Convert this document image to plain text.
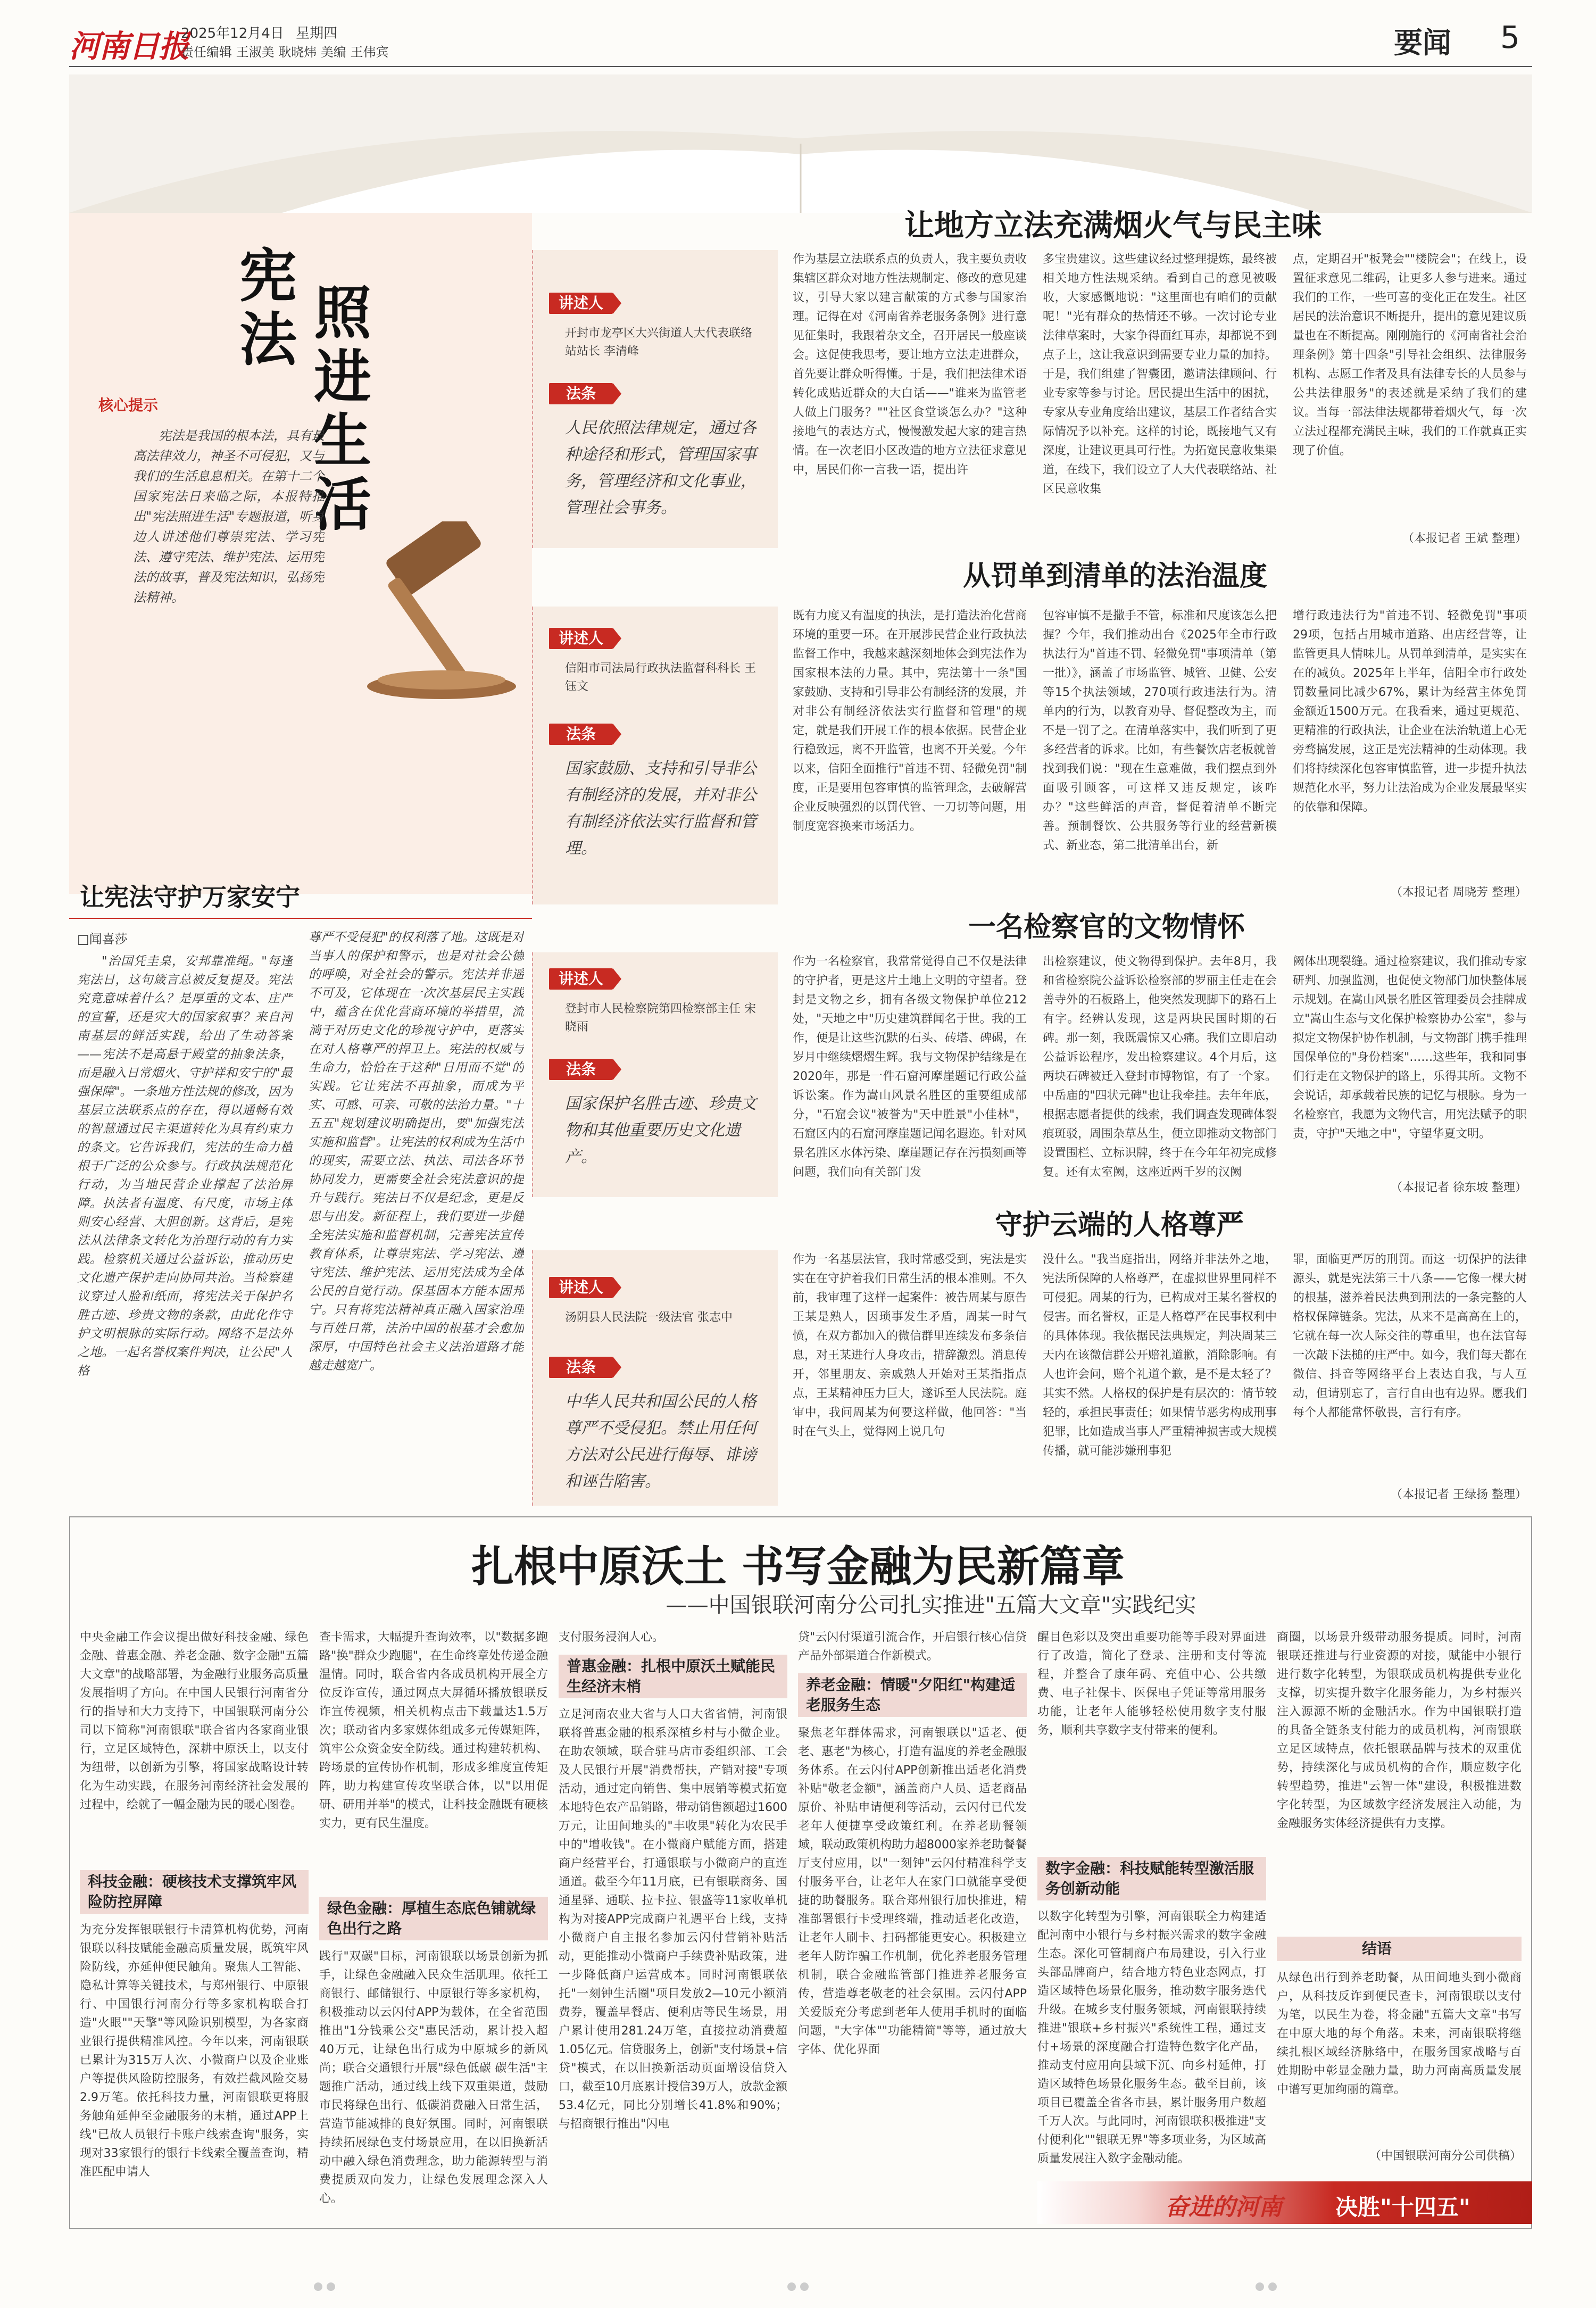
河南日报
2025年12月4日 星期四
责任编辑 王淑美 耿晓炜 美编 王伟宾	要闻 5
宪法 照进生活
核心提示
宪法是我国的根本法，具有最高法律效力，神圣不可侵犯，又与我们的生活息息相关。在第十二个国家宪法日来临之际，本报特推出"宪法照进生活"专题报道，听身边人讲述他们尊崇宪法、学习宪法、遵守宪法、维护宪法、运用宪法的故事，普及宪法知识，弘扬宪法精神。
让宪法守护万家安宁
□闻喜莎
"治国凭圭臬，安邦靠准绳。"每逢宪法日，这句箴言总被反复提及。宪法究竟意味着什么？是厚重的文本、庄严的宣誓，还是灾大的国家叙事？来自河南基层的鲜活实践，给出了生动答案——宪法不是高悬于殿堂的抽象法条，而是融入日常烟火、守护祥和安宁的"最强保障"。一条地方性法规的修改，因为基层立法联系点的存在，得以通畅有效的智慧通过民主渠道转化为具有约束力的条文。它告诉我们，宪法的生命力植根于广泛的公众参与。行政执法规范化行动，为当地民营企业撑起了法治屏障。执法者有温度、有尺度，市场主体则安心经营、大胆创新。这背后，是宪法从法律条文转化为治理行动的有力实践。检察机关通过公益诉讼，推动历史文化遗产保护走向协同共治。当检察建议穿过人脸和纸面，将宪法关于保护名胜古迹、珍贵文物的条款，由此化作守护文明根脉的实际行动。网络不是法外之地。一起名誉权案件判决，让公民"人格
尊严不受侵犯"的权利落了地。这既是对当事人的保护和警示，也是对社会公德的呼唤，对全社会的警示。宪法并非遥不可及，它体现在一次次基层民主实践中，蕴含在优化营商环境的举措里，流淌于对历史文化的珍视守护中，更落实在对人格尊严的捍卫上。宪法的权威与生命力，恰恰在于这种"日用而不觉"的实践。它让宪法不再抽象，而成为平实、可感、可亲、可敬的法治力量。"十五五"规划建议明确提出，要"加强宪法实施和监督"。让宪法的权利成为生活中的现实，需要立法、执法、司法各环节协同发力，更需要全社会宪法意识的提升与践行。宪法日不仅是纪念，更是反思与出发。新征程上，我们要进一步健全宪法实施和监督机制，完善宪法宣传教育体系，让尊崇宪法、学习宪法、遵守宪法、维护宪法、运用宪法成为全体公民的自觉行动。保基固本方能本固邦宁。只有将宪法精神真正融入国家治理与百姓日常，法治中国的根基才会愈加深厚，中国特色社会主义法治道路才能越走越宽广。
让地方立法充满烟火气与民主味
讲述人
开封市龙亭区大兴街道人大代表联络站站长 李清峰
法条
人民依照法律规定，通过各种途径和形式，管理国家事务，管理经济和文化事业，管理社会事务。
作为基层立法联系点的负责人，我主要负责收集辖区群众对地方性法规制定、修改的意见建议，引导大家以建言献策的方式参与国家治理。记得在对《河南省养老服务条例》进行意见征集时，我跟着杂文全，召开居民一般座谈会。这促使我思考，要让地方立法走进群众，首先要让群众听得懂。于是，我们把法律术语转化成贴近群众的大白话——"谁来为监管老人做上门服务？""社区食堂谈怎么办？"这种接地气的表达方式，慢慢激发起大家的建言热情。在一次老旧小区改造的地方立法征求意见中，居民们你一言我一语，提出许
多宝贵建议。这些建议经过整理提炼，最终被相关地方性法规采纳。看到自己的意见被吸收，大家感慨地说："这里面也有咱们的贡献呢！"光有群众的热情还不够。一次讨论专业法律草案时，大家争得面红耳赤，却都说不到点子上，这让我意识到需要专业力量的加持。于是，我们组建了智囊团，邀请法律顾问、行业专家等参与讨论。居民提出生活中的困扰，专家从专业角度给出建议，基层工作者结合实际情况予以补充。这样的讨论，既接地气又有深度，让建议更具可行性。为拓宽民意收集渠道，在线下，我们设立了人大代表联络站、社区民意收集
点，定期召开"板凳会""楼院会"；在线上，设置征求意见二维码，让更多人参与进来。通过我们的工作，一些可喜的变化正在发生。社区居民的法治意识不断提升，提出的意见建议质量也在不断提高。刚刚施行的《河南省社会治理条例》第十四条"引导社会组织、法律服务机构、志愿工作者及具有法律专长的人员参与公共法律服务"的表述就是采纳了我们的建议。当每一部法律法规都带着烟火气，每一次立法过程都充满民主味，我们的工作就真正实现了价值。
（本报记者 王斌 整理）
从罚单到清单的法治温度
讲述人
信阳市司法局行政执法监督科科长 王钰文
法条
国家鼓励、支持和引导非公有制经济的发展，并对非公有制经济依法实行监督和管理。
既有力度又有温度的执法，是打造法治化营商环境的重要一环。在开展涉民营企业行政执法监督工作中，我越来越深刻地体会到宪法作为国家根本法的力量。其中，宪法第十一条"国家鼓励、支持和引导非公有制经济的发展，并对非公有制经济依法实行监督和管理"的规定，就是我们开展工作的根本依据。民营企业行稳致远，离不开监管，也离不开关爱。今年以来，信阳全面推行"首违不罚、轻微免罚"制度，正是要用包容审慎的监管理念，去破解营企业反映强烈的以罚代管、一刀切等问题，用制度宽容换来市场活力。
包容审慎不是撒手不管，标准和尺度该怎么把握？今年，我们推动出台《2025年全市行政执法行为"首违不罚、轻微免罚"事项清单（第一批）》，涵盖了市场监管、城管、卫健、公安等15个执法领域，270项行政违法行为。清单内的行为，以教育劝导、督促整改为主，而不是一罚了之。在清单落实中，我们听到了更多经营者的诉求。比如，有些餐饮店老板就曾找到我们说："现在生意难做，我们摆点到外面吸引顾客，可这样又违反规定，该咋办？"这些鲜活的声音，督促着清单不断完善。预制餐饮、公共服务等行业的经营新模式、新业态，第二批清单出台，新
增行政违法行为"首违不罚、轻微免罚"事项29项，包括占用城市道路、出店经营等，让监管更具人情味儿。从罚单到清单，是实实在在的减负。2025年上半年，信阳全市行政处罚数量同比减少67%，累计为经营主体免罚金额近1500万元。在我看来，通过更规范、更精准的行政执法，让企业在法治轨道上心无旁骛搞发展，这正是宪法精神的生动体现。我们将持续深化包容审慎监管，进一步提升执法规范化水平，努力让法治成为企业发展最坚实的依靠和保障。
（本报记者 周晓芳 整理）
一名检察官的文物情怀
讲述人
登封市人民检察院第四检察部主任 宋晓雨
法条
国家保护名胜古迹、珍贵文物和其他重要历史文化遗产。
作为一名检察官，我常常觉得自己不仅是法律的守护者，更是这片土地上文明的守望者。登封是文物之乡，拥有各级文物保护单位212处，"天地之中"历史建筑群闻名于世。我的工作，便是让这些沉默的石头、砖塔、碑碣，在岁月中继续熠熠生辉。我与文物保护结缘是在2020年，那是一件石窟河摩崖题记行政公益诉讼案。作为嵩山风景名胜区的重要组成部分，"石窟会议"被誉为"天中胜景"小佳林"，石窟区内的石窟河摩崖题记闻名遐迩。针对风景名胜区水体污染、摩崖题记存在污损刻画等问题，我们向有关部门发
出检察建议，使文物得到保护。去年8月，我和省检察院公益诉讼检察部的罗丽主任走在会善寺外的石板路上，他突然发现脚下的路石上有字。经辨认发现，这是两块民国时期的石碑。那一刻，我既震惊又心痛。我们立即启动公益诉讼程序，发出检察建议。4个月后，这两块石碑被迁入登封市博物馆，有了一个家。中岳庙的"四状元碑"也让我牵挂。去年年底，根据志愿者提供的线索，我们调查发现碑体裂痕斑驳，周围杂草丛生，便立即推动文物部门设置围栏、立标识牌，终于在今年年初完成修复。还有太室阙，这座近两千岁的汉阙
阙体出现裂缝。通过检察建议，我们推动专家研判、加强监测，也促使文物部门加快整体展示规划。在嵩山风景名胜区管理委员会挂牌成立"嵩山生态与文化保护检察协办公室"，参与拟定文物保护协作机制，与文物部门携手推理国保单位的"身份档案"……这些年，我和同事们行走在文物保护的路上，乐得其所。文物不会说话，却承载着民族的记忆与根脉。身为一名检察官，我愿为文物代言，用宪法赋予的职责，守护"天地之中"，守望华夏文明。
（本报记者 徐东坡 整理）
守护云端的人格尊严
讲述人
汤阴县人民法院一级法官 张志中
法条
中华人民共和国公民的人格尊严不受侵犯。禁止用任何方法对公民进行侮辱、诽谤和诬告陷害。
作为一名基层法官，我时常感受到，宪法是实实在在守护着我们日常生活的根本准则。不久前，我审理了这样一起案件：被告周某与原告王某是熟人，因琐事发生矛盾，周某一时气愤，在双方都加入的微信群里连续发布多条信息，对王某进行人身攻击，措辞激烈。消息传开，邻里朋友、亲戚熟人开始对王某指指点点，王某精神压力巨大，遂诉至人民法院。庭审中，我问周某为何要这样做，他回答："当时在气头上，觉得网上说几句
没什么。"我当庭指出，网络并非法外之地，宪法所保障的人格尊严，在虚拟世界里同样不可侵犯。周某的行为，已构成对王某名誉权的侵害。而名誉权，正是人格尊严在民事权利中的具体体现。我依据民法典规定，判决周某三天内在该微信群公开赔礼道歉，消除影响。有人也许会问，赔个礼道个歉，是不是太轻了？其实不然。人格权的保护是有层次的：情节较轻的，承担民事责任；如果情节恶劣构成刑事犯罪，比如造成当事人严重精神损害或大规模传播，就可能涉嫌刑事犯
罪，面临更严厉的刑罚。而这一切保护的法律源头，就是宪法第三十八条——它像一棵大树的根基，滋养着民法典到刑法的一条完整的人格权保障链条。宪法，从来不是高高在上的，它就在每一次人际交往的尊重里，也在法官每一次敲下法槌的庄严中。如今，我们每天都在微信、抖音等网络平台上表达自我，与人互动，但请别忘了，言行自由也有边界。愿我们每个人都能常怀敬畏，言行有序。
（本报记者 王绿扬 整理）
扎根中原沃土 书写金融为民新篇章
——中国银联河南分公司扎实推进"五篇大文章"实践纪实
中央金融工作会议提出做好科技金融、绿色金融、普惠金融、养老金融、数字金融"五篇大文章"的战略部署，为金融行业服务高质量发展指明了方向。在中国人民银行河南省分行的指导和大力支持下，中国银联河南分公司以下简称"河南银联"联合省内各家商业银行，立足区域特色，深耕中原沃土，以支付为纽带，以创新为引擎，将国家战略设计转化为生动实践，在服务河南经济社会发展的过程中，绘就了一幅金融为民的暖心图卷。
科技金融：硬核技术支撑筑牢风险防控屏障
为充分发挥银联银行卡清算机构优势，河南银联以科技赋能金融高质量发展，既筑牢风险防线，亦延伸便民触角。聚焦人工智能、隐私计算等关键技术，与郑州银行、中原银行、中国银行河南分行等多家机构联合打造"火眼""天擎"等风险识别模型，为各家商业银行提供精准风控。今年以来，河南银联已累计为315万人次、小微商户以及企业账户等提供风险防控服务，有效拦截风险交易2.9万笔。依托科技力量，河南银联更将服务触角延伸至金融服务的末梢，通过APP上线"已故人员银行卡账户线索查询"服务，实现对33家银行的银行卡线索全覆盖查询，精准匹配申请人
查卡需求，大幅提升查询效率，以"数据多跑路"换"群众少跑腿"，在生命终章处传递金融温情。同时，联合省内各成员机构开展全方位反诈宣传，通过网点大屏循环播放银联反诈宣传视频，相关机构点击下载量达1.5万次；联动省内多家媒体组成多元传媒矩阵，筑牢公众资金安全防线。通过构建转机构、跨场景的宣传协作机制，形成多维度宣传矩阵，助力构建宣传攻坚联合体，以"以用促研、研用并举"的模式，让科技金融既有硬核实力，更有民生温度。
绿色金融：厚植生态底色铺就绿色出行之路
践行"双碳"目标，河南银联以场景创新为抓手，让绿色金融融入民众生活肌理。依托工商银行、邮储银行、中原银行等多家机构，积极推动以云闪付APP为载体，在全省范围推出"1分钱乘公交"惠民活动，累计投入超40万元，让绿色出行成为中原城乡的新风尚；联合交通银行开展"绿色低碳 碳生活"主题推广活动，通过线上线下双重渠道，鼓励市民将绿色出行、低碳消费融入日常生活，营造节能减排的良好氛围。同时，河南银联持续拓展绿色支付场景应用，在以旧换新活动中融入绿色消费理念，助力能源转型与消费提质双向发力，让绿色发展理念深入人心。
支付服务浸润人心。
普惠金融：扎根中原沃土赋能民生经济末梢
立足河南农业大省与人口大省省情，河南银联将普惠金融的根系深植乡村与小微企业。在助农领域，联合驻马店市委组织部、工会及人民银行开展"消费帮扶，产销对接"专项活动，通过定向销售、集中展销等模式拓宽本地特色农产品销路，带动销售额超过1600万元，让田间地头的"丰收果"转化为农民手中的"增收钱"。在小微商户赋能方面，搭建商户经营平台，打通银联与小微商户的直连通道。截至今年11月底，已有银联商务、国通星驿、通联、拉卡拉、银盛等11家收单机构为对接APP完成商户礼遇平台上线，支持小微商户自主报名参加云闪付营销补贴活动，更能推动小微商户手续费补贴政策，进一步降低商户运营成本。同时河南银联依托"一刻钟生活圈"项目发放2—10元小额消费券，覆盖早餐店、便利店等民生场景，用户累计使用281.24万笔，直接拉动消费超1.05亿元。信贷服务上，创新"支付场景+信贷"模式，在以旧换新活动页面增设信贷入口，截至10月底累计授信39万人，放款金额53.4亿元，同比分别增长41.8%和90%；与招商银行推出"闪电
贷"云闪付渠道引流合作，开启银行核心信贷产品外部渠道合作新模式。
养老金融：情暖"夕阳红"构建适老服务生态
聚焦老年群体需求，河南银联以"适老、便老、惠老"为核心，打造有温度的养老金融服务体系。在云闪付APP创新推出适老化消费补贴"敬老金额"，涵盖商户人员、适老商品原价、补贴申请便利等活动，云闪付已代发老年人便捷享受政策红利。在养老助餐领域，联动政策机构助力超8000家养老助餐餐厅支付应用，以"一刻钟"云闪付精准科学支付服务平台，让老年人在家门口就能享受便捷的助餐服务。联合郑州银行加快推进，精准部署银行卡受理终端，推动适老化改造，让老年人刷卡、扫码都能更安心。积极建立老年人防诈骗工作机制，优化养老服务管理机制，联合金融监管部门推进养老服务宣传，营造尊老敬老的社会氛围。云闪付APP关爱版充分考虑到老年人使用手机时的面临问题，"大字体""功能精简"等等，通过放大字体、优化界面
醒目色彩以及突出重要功能等手段对界面进行了改造，简化了登录、注册和支付等流程，并整合了康年码、充值中心、公共缴费、电子社保卡、医保电子凭证等常用服务功能，让老年人能够轻松使用数字支付服务，顺利共享数字支付带来的便利。
数字金融：科技赋能转型激活服务创新动能
以数字化转型为引擎，河南银联全力构建适配河南中小银行与乡村振兴需求的数字金融生态。深化可管制商户布局建设，引入行业头部品牌商户，结合地方特色业态网点，打造区域特色场景化服务，推动数字服务迭代升级。在城乡支付服务领域，河南银联持续推进"银联+乡村振兴"系统性工程，通过支付+场景的深度融合打造特色数字化产品，推动支付应用向县域下沉、向乡村延伸，打造区域特色场景化服务生态。截至目前，该项目已覆盖全省各市县，累计服务用户数超千万人次。与此同时，河南银联积极推进"支付便利化""银联无界"等多项业务，为区域高质量发展注入数字金融动能。
商圈，以场景升级带动服务提质。同时，河南银联还推进与行业资源的对接，赋能中小银行进行数字化转型，为银联成员机构提供专业化支撑，切实提升数字化服务能力，为乡村振兴注入源源不断的金融活水。作为中国银联打造的具备全链条支付能力的成员机构，河南银联立足区域特点，依托银联品牌与技术的双重优势，持续深化与成员机构的合作，顺应数字化转型趋势，推进"云智一体"建设，积极推进数字化转型，为区域数字经济发展注入动能，为金融服务实体经济提供有力支撑。
结语
从绿色出行到养老助餐，从田间地头到小微商户，从科技反诈到便民查卡，河南银联以支付为笔，以民生为卷，将金融"五篇大文章"书写在中原大地的每个角落。未来，河南银联将继续扎根区域经济脉络中，在服务国家战略与百姓期盼中彰显金融力量，助力河南高质量发展中谱写更加绚丽的篇章。
（中国银联河南分公司供稿）
奋进的河南 决胜"十四五"
